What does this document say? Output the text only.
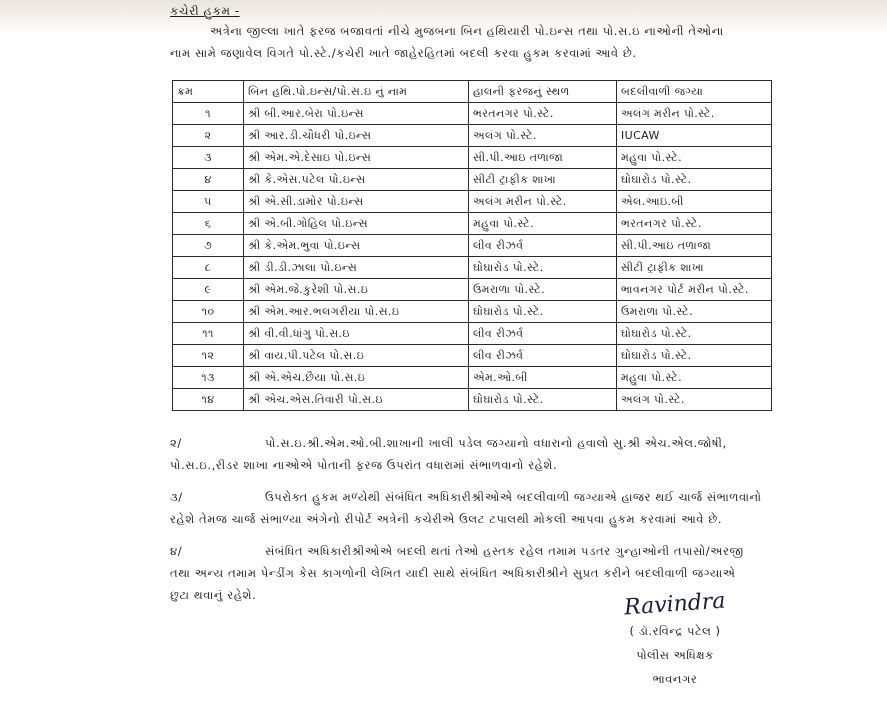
કચેરી હુકમ -
અત્રેના જીલ્લા ખાતે ફરજ બજાવતાં નીચે મુજબના બિન હથિયારી પો.ઇન્સ તથા પો.સ.ઇ નાઓની તેઓના
નામ સામે જણાવેલ વિગતે પો.સ્ટે./કચેરી ખાતે જાહેરહિતમાં બદલી કરવા હુકમ કરવામાં આવે છે.
ક્રમ	બિન હથિ.પો.ઇન્સ/પો.સ.ઇ નું નામ	હાલની ફરજનું સ્થળ	બદલીવાળી જગ્યા
૧	શ્રી બી.આર.બેરા પો.ઇન્સ	ભરતનગર પો.સ્ટે.	અલંગ મરીન પો.સ્ટે.
૨	શ્રી આર.ડી.ચૌધરી પો.ઇન્સ	અલંગ પો.સ્ટે.	IUCAW
૩	શ્રી એમ.એ.દેસાઇ પો.ઇન્સ	સી.પી.આઇ તળાજા	મહુવા પો.સ્ટે.
૪	શ્રી કે.એસ.પટેલ પો.ઇન્સ	સીટી ટ્રાફીક શાખા	ઘોઘારોડ પો.સ્ટે.
૫	શ્રી એ.સી.ડામોર પો.ઇન્સ	અલંગ મરીન પો.સ્ટે.	એલ.આઇ.બી
૬	શ્રી એ.બી.ગોહિલ પો.ઇન્સ	મહુવા પો.સ્ટે.	ભરતનગર પો.સ્ટે.
૭	શ્રી કે.એમ.ભુવા પો.ઇન્સ	લીવ રીઝર્વ	સી.પી.આઇ તળાજા
૮	શ્રી ડી.ડી.ઝાલા પો.ઇન્સ	ઘોઘારોડ પો.સ્ટે.	સીટી ટ્રાફીક શાખા
૯	શ્રી એમ.જે.કુરેશી પો.સ.ઇ	ઉમરાળા પો.સ્ટે.	ભાવનગર પોર્ટ મરીન પો.સ્ટે.
૧૦	શ્રી એમ.આર.ભલગરીયા પો.સ.ઇ	ઘોઘારોડ પો.સ્ટે.	ઉમરાળા પો.સ્ટે.
૧૧	શ્રી વી.વી.ધાંગુ પો.સ.ઇ	લીવ રીઝર્વ	ઘોઘારોડ પો.સ્ટે.
૧૨	શ્રી વાય.પી.પટેલ પો.સ.ઇ	લીવ રીઝર્વ	ઘોઘારોડ પો.સ્ટે.
૧૩	શ્રી એ.એચ.છૈયા પો.સ.ઇ	એમ.ઓ.બી	મહુવા પો.સ્ટે.
૧૪	શ્રી એચ.એસ.તિવારી પો.સ.ઇ	ઘોઘારોડ પો.સ્ટે.	અલંગ પો.સ્ટે.
૨/	પો.સ.ઇ.શ્રી.એમ.ઓ.બી.શાખાની ખાલી પડેલ જગ્યાનો વધારાનો હવાલો સુ.શ્રી એચ.એલ.જોષી,
પો.સ.ઇ.,રીડર શાખા નાઓએ પોતાની ફરજ ઉપરાંત વધારામાં સંભાળવાનો રહેશે.
૩/	ઉપરોક્ત હુકમ મળ્યેથી સંબંધિત અધિકારીશ્રીઓએ બદલીવાળી જગ્યાએ હાજર થઈ ચાર્જ સંભાળવાનો
રહેશે તેમજ ચાર્જ સંભાળ્યા અંગેનો રીપોર્ટ અત્રેની કચેરીએ ઉલટ ટપાલથી મોકલી આપવા હુકમ કરવામાં આવે છે.
૪/	સંબંધિત અધિકારીશ્રીઓએ બદલી થતાં તેઓ હસ્તક રહેલ તમામ પડતર ગુન્હાઓની તપાસો/અરજી
તથા અન્ય તમામ પેન્ડીંગ કેસ કાગળોની લેખિત યાદી સાથે સંબંધિત અધિકારીશ્રીને સુપ્રત કરીને બદલીવાળી જગ્યાએ
છુટા થવાનું રહેશે.	Ravindra
( ડૉ.રવિન્દ્ર પટેલ )
પોલીસ અધિક્ષક
ભાવનગર
